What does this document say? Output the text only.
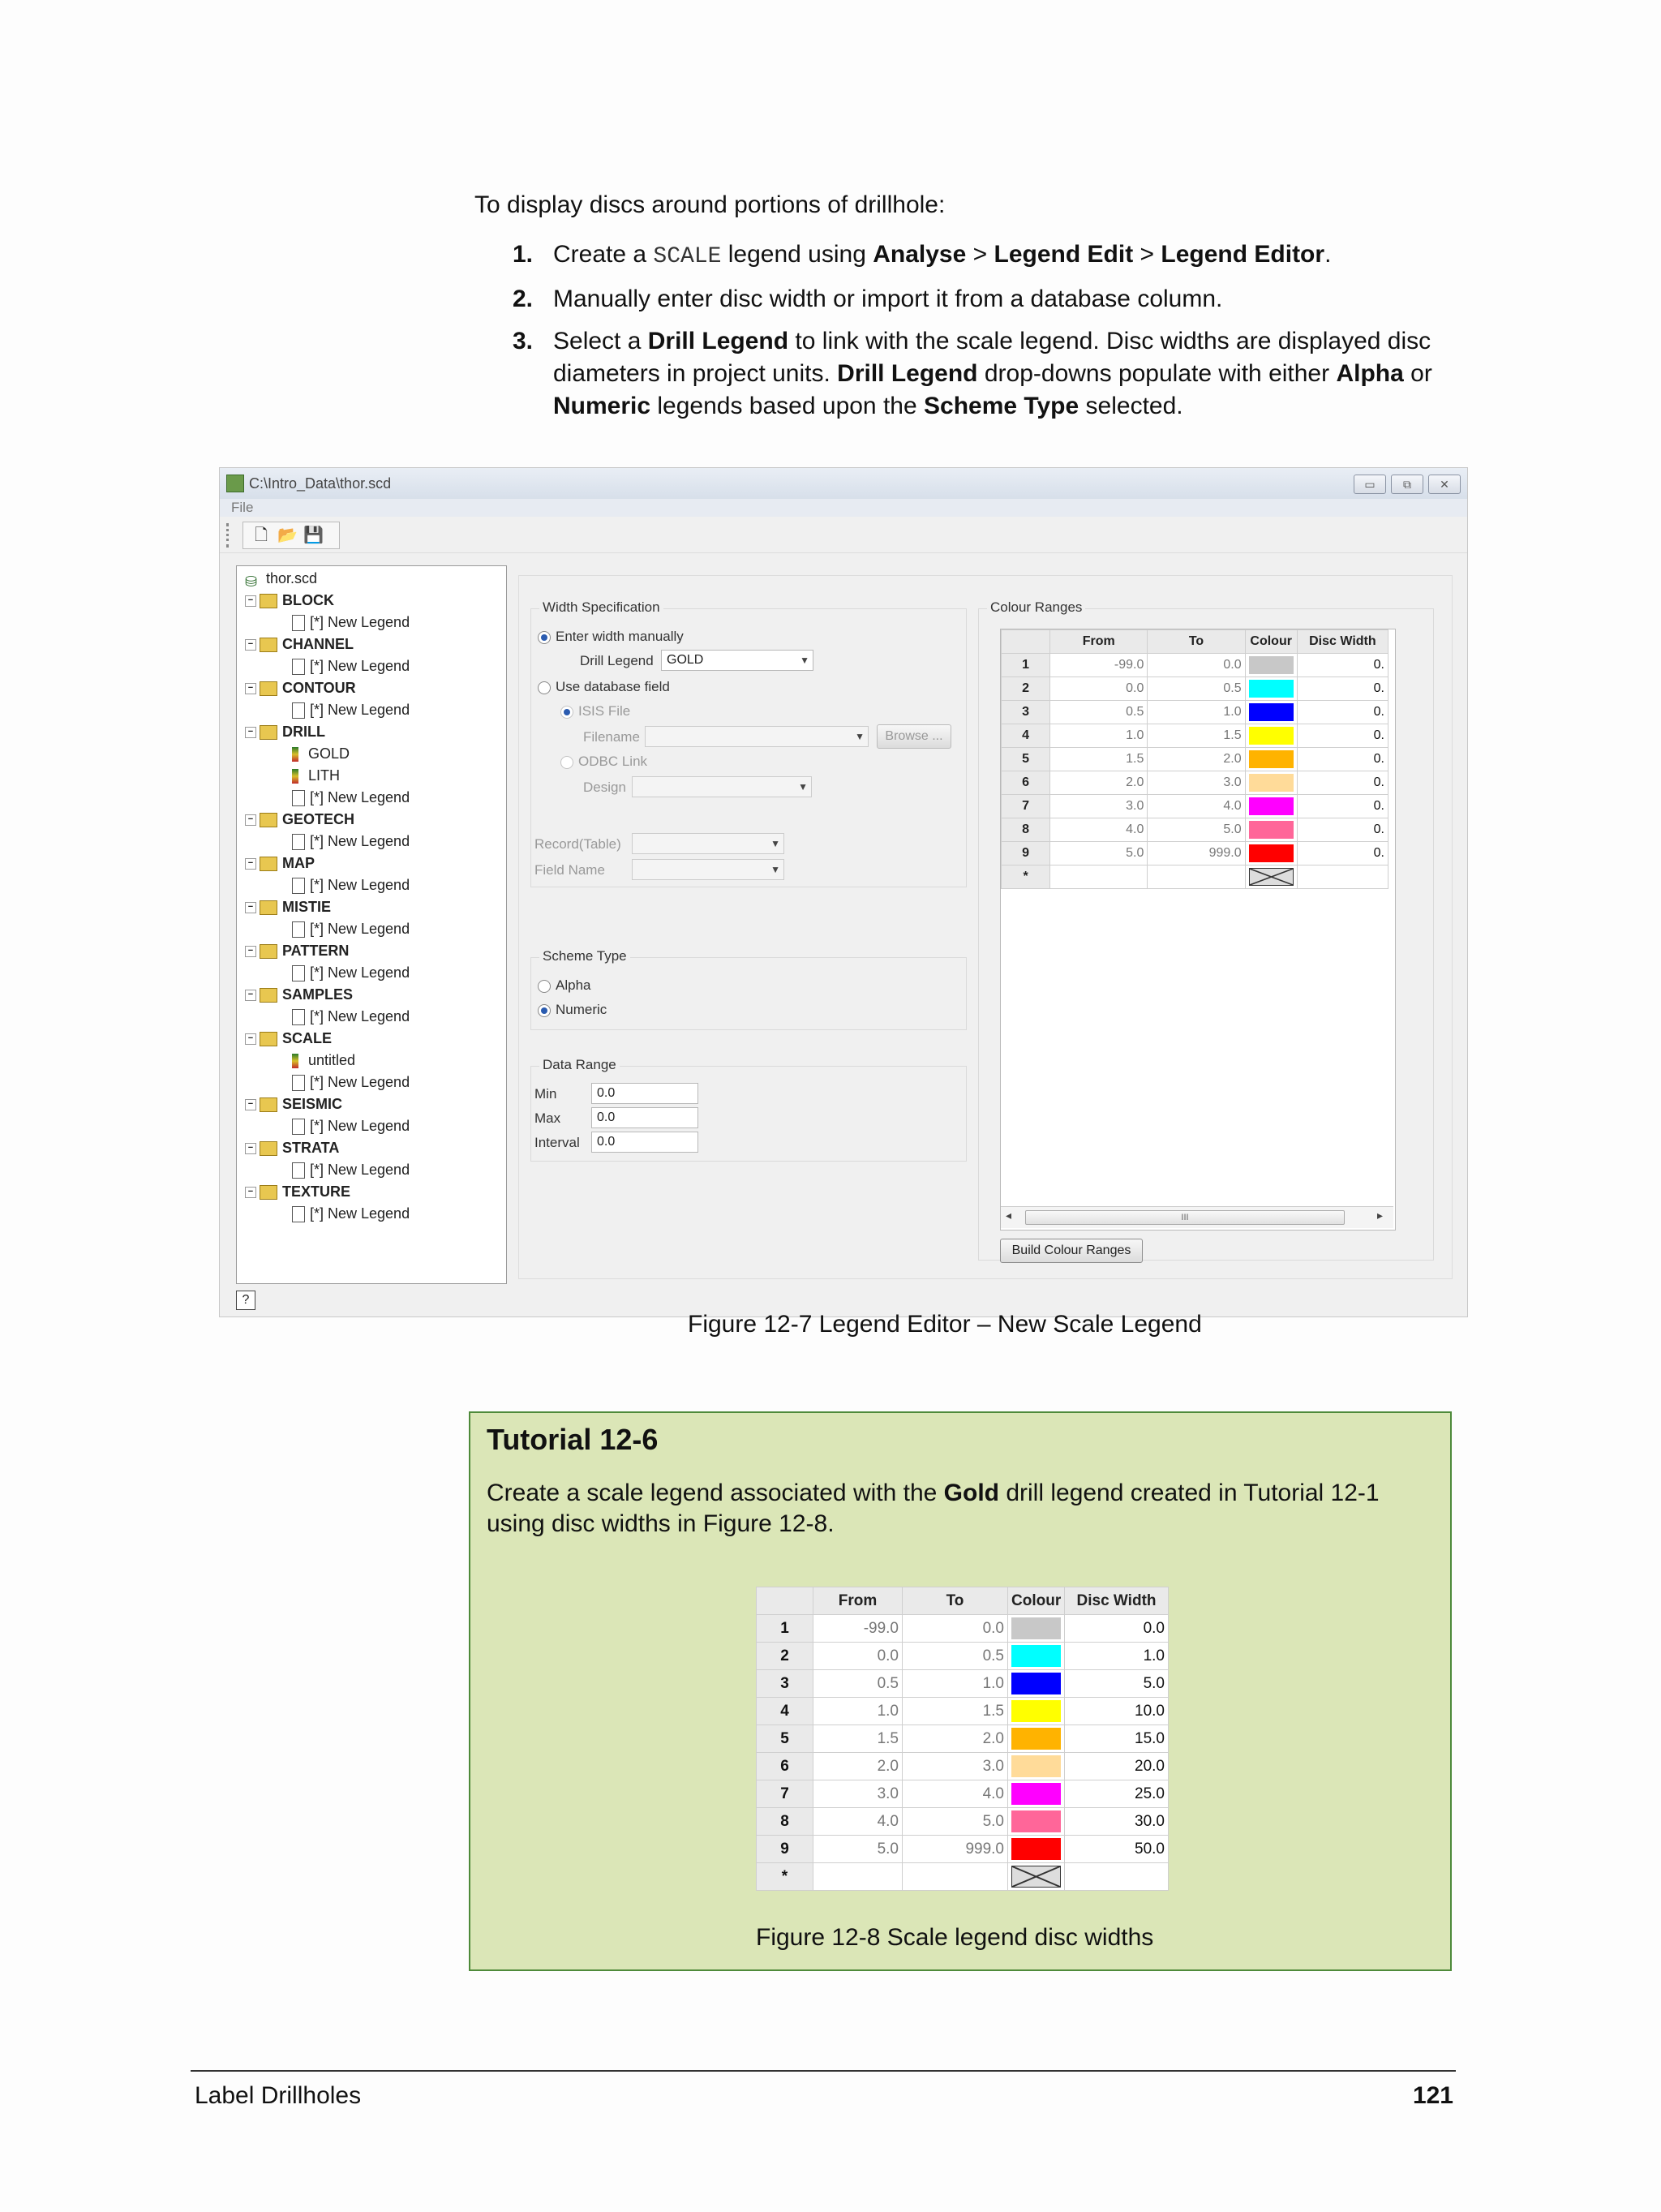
To display discs around portions of drillhole:
1. Create a SCALE legend using Analyse > Legend Edit > Legend Editor.
2. Manually enter disc width or import it from a database column.
3. Select a Drill Legend to link with the scale legend. Disc widths are displayed disc diameters in project units. Drill Legend drop-downs populate with either Alpha or Numeric legends based upon the Scheme Type selected.
C:\Intro_Data\thor.scd	▭	⧉	✕
File
🗋 📂 💾
⛁ thor.scd
− BLOCK
[*] New Legend
− CHANNEL
[*] New Legend
− CONTOUR
[*] New Legend
− DRILL
GOLD
LITH
[*] New Legend
− GEOTECH
[*] New Legend
− MAP
[*] New Legend
− MISTIE
[*] New Legend
− PATTERN
[*] New Legend
− SAMPLES
[*] New Legend
− SCALE
untitled
[*] New Legend
− SEISMIC
[*] New Legend
− STRATA
[*] New Legend
− TEXTURE
[*] New Legend
?
Width Specification
Enter width manually
Drill Legend	GOLD	▼
Use database field
ISIS File
Filename	▼	Browse ...
ODBC Link
Design	▼
Record(Table)	▼
Field Name	▼
Scheme Type
Alpha
Numeric
Data Range
Min	0.0
Max	0.0
Interval	0.0
Colour Ranges
	From	To	Colour	Disc Width
1	-99.0	0.0		0.
2	0.0	0.5		0.
3	0.5	1.0		0.
4	1.0	1.5		0.
5	1.5	2.0		0.
6	2.0	3.0		0.
7	3.0	4.0		0.
8	4.0	5.0		0.
9	5.0	999.0		0.
*			

◂	III	▸
Build Colour Ranges
Figure 12-7 Legend Editor – New Scale Legend
Tutorial 12-6
Create a scale legend associated with the Gold drill legend created in Tutorial 12-1 using disc widths in Figure 12-8.
	From	To	Colour	Disc Width
1	-99.0	0.0		0.0
2	0.0	0.5		1.0
3	0.5	1.0		5.0
4	1.0	1.5		10.0
5	1.5	2.0		15.0
6	2.0	3.0		20.0
7	3.0	4.0		25.0
8	4.0	5.0		30.0
9	5.0	999.0		50.0
*			

Figure 12-8 Scale legend disc widths
Label Drillholes	121
